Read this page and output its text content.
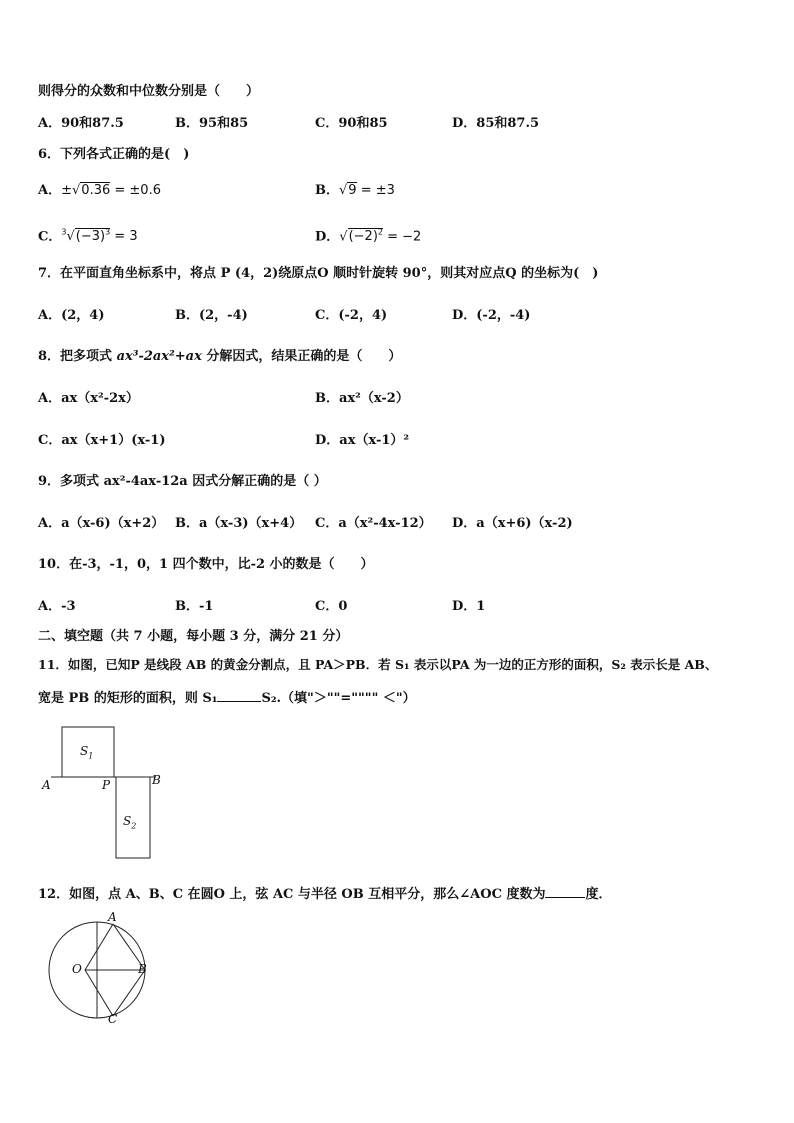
则得分的众数和中位数分别是（　　）
A．90和87.5	B．95和85	C．90和85	D．85和87.5
6．下列各式正确的是(　)
A．±√0.36 = ±0.6	B．√9 = ±3
C．$^3√(-3)^3 = 3$	D．$√(-2)^2 = -2$
7．在平面直角坐标系中，将点 P (4，2)绕原点O 顺时针旋转 90°，则其对应点Q 的坐标为(　)
A．(2，4)	B．(2，-4)	C．(-2，4)	D．(-2，-4)
8．把多项式 ax³-2ax²+ax 分解因式，结果正确的是（　　）
A．ax（x²-2x）	B．ax²（x-2）
C．ax（x+1）(x-1)	D．ax（x-1）²
9．多项式 ax²-4ax-12a 因式分解正确的是（ ）
A．a（x-6)（x+2） B．a（x-3)（x+4） C．a（x²-4x-12） D．a（x+6)（x-2)
10．在-3，-1，0，1 四个数中，比-2 小的数是（　　）
A．-3	B．-1	C．0	D．1
二、填空题（共 7 小题，每小题 3 分，满分 21 分）
11．如图，已知P 是线段 AB 的黄金分割点，且 PA＞PB．若 S₁ 表示以PA 为一边的正方形的面积，S₂ 表示长是 AB、
宽是 PB 的矩形的面积，则 S₁	S₂.（填"＞""="""" ＜"）
$S_1$
A	P	B
$S_2$
12．如图，点 A、B、C 在圆O 上，弦 AC 与半径 OB 互相平分，那么∠AOC 度数为	度．
A
O	B
C
